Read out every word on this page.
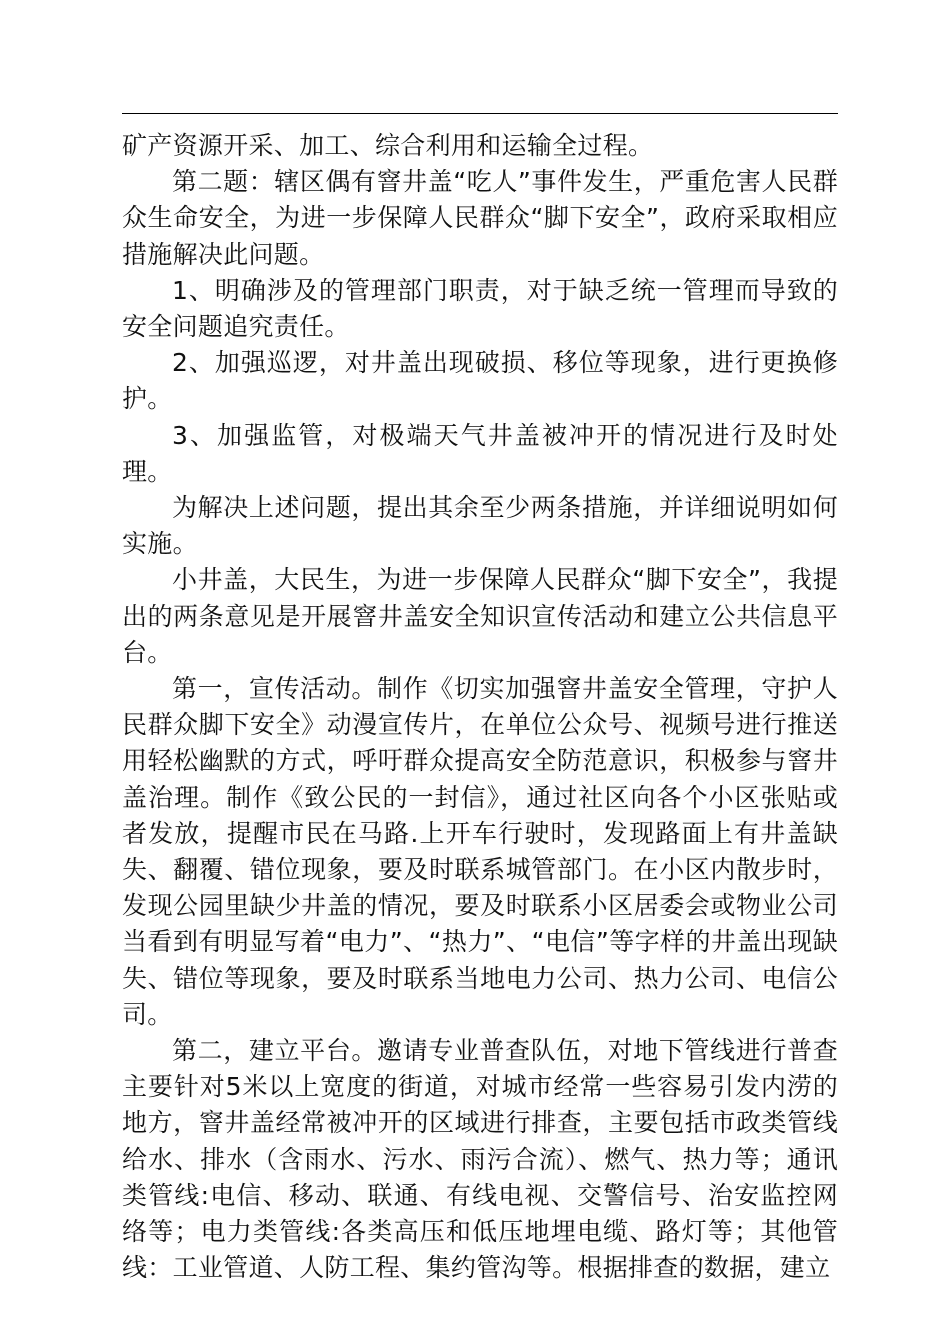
矿产资源开采、加工、综合利用和运输全过程。

第二题：辖区偶有窨井盖“吃人”事件发生，严重危害人民群众生命安全，为进一步保障人民群众“脚下安全”，政府采取相应措施解决此问题。

1、明确涉及的管理部门职责，对于缺乏统一管理而导致的安全问题追究责任。

2、加强巡逻，对井盖出现破损、移位等现象，进行更换修护。

3、加强监管，对极端天气井盖被冲开的情况进行及时处理。

为解决上述问题，提出其余至少两条措施，并详细说明如何实施。

小井盖，大民生，为进一步保障人民群众“脚下安全”，我提出的两条意见是开展窨井盖安全知识宣传活动和建立公共信息平台。

第一，宣传活动。制作《切实加强窨井盖安全管理，守护人民群众脚下安全》动漫宣传片，在单位公众号、视频号进行推送用轻松幽默的方式，呼吁群众提高安全防范意识，积极参与窨井盖治理。制作《致公民的一封信》，通过社区向各个小区张贴或者发放，提醒市民在马路.上开车行驶时，发现路面上有井盖缺失、翻覆、错位现象，要及时联系城管部门。在小区内散步时，发现公园里缺少井盖的情况，要及时联系小区居委会或物业公司当看到有明显写着“电力”、“热力”、“电信”等字样的井盖出现缺失、错位等现象，要及时联系当地电力公司、热力公司、电信公司。

第二，建立平台。邀请专业普查队伍，对地下管线进行普查主要针对5米以上宽度的街道，对城市经常一些容易引发内涝的地方，窨井盖经常被冲开的区域进行排查，主要包括市政类管线给水、排水（含雨水、污水、雨污合流）、燃气、热力等；通讯类管线:电信、移动、联通、有线电视、交警信号、治安监控网络等；电力类管线:各类高压和低压地埋电缆、路灯等；其他管线：工业管道、人防工程、集约管沟等。根据排查的数据，建立
